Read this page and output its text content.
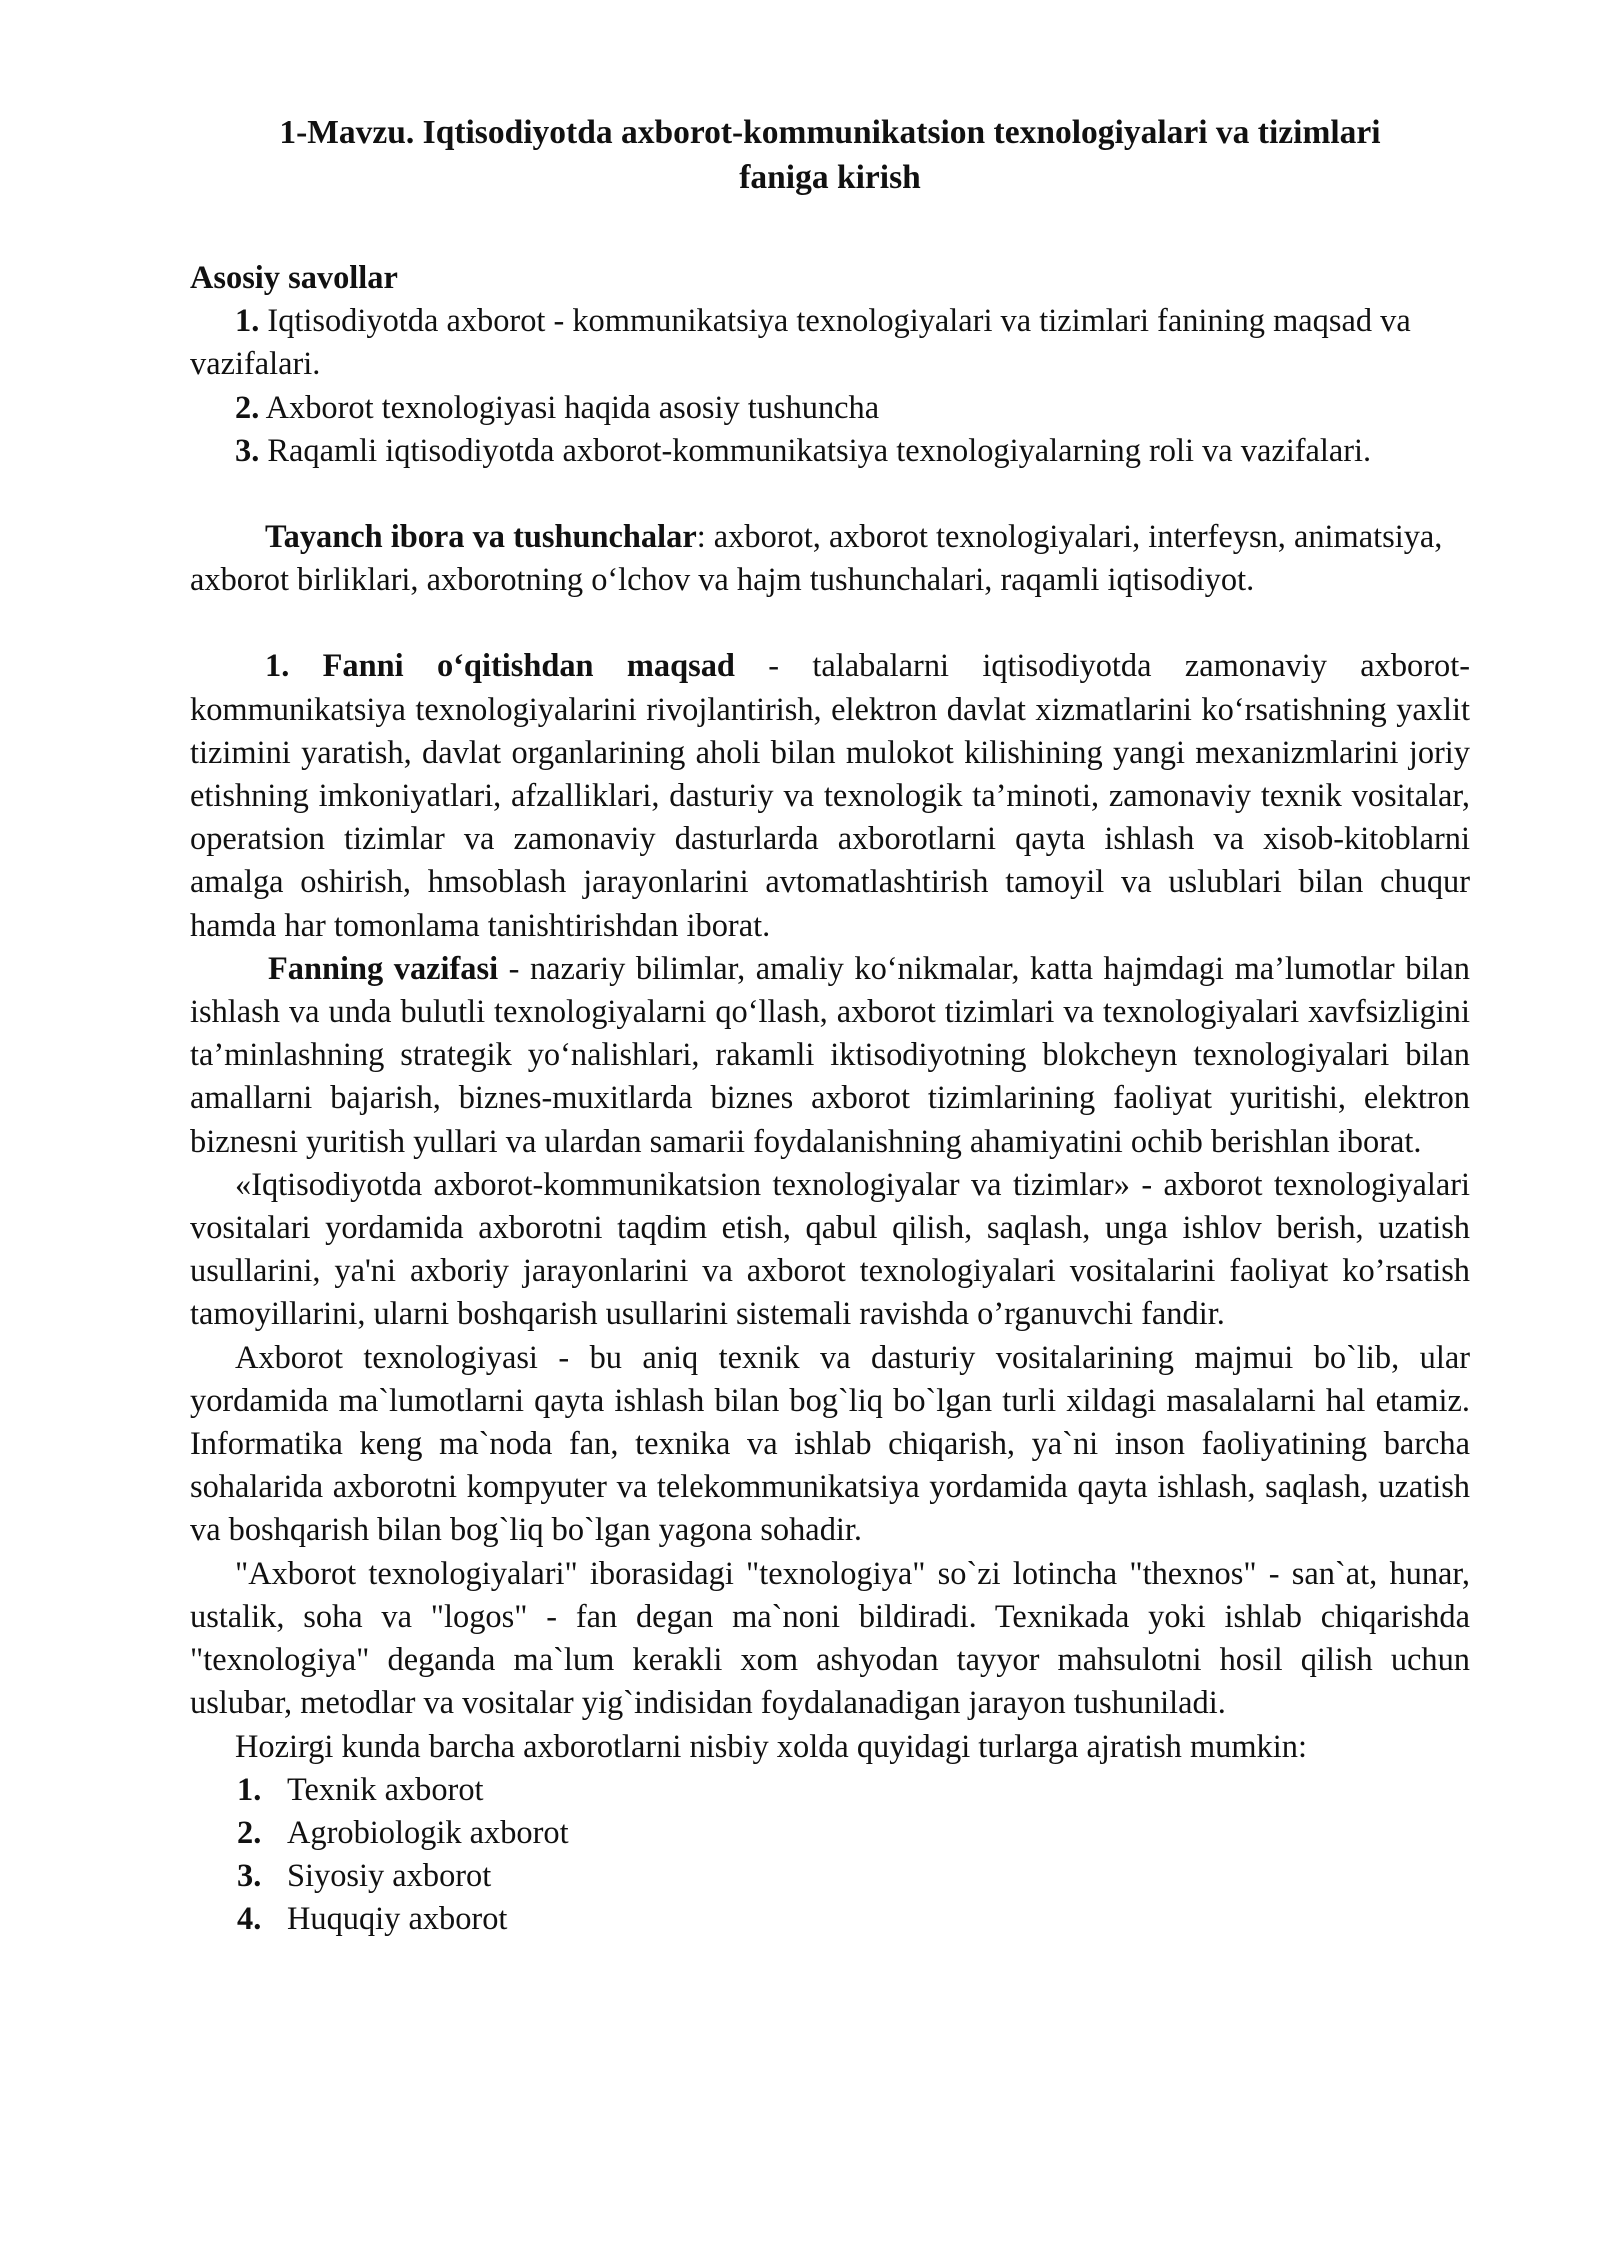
1-Mavzu. Iqtisodiyotda axborot-kommunikatsion texnologiyalari va tizimlari
faniga kirish

Asosiy savollar

1. Iqtisodiyotda axborot - kommunikatsiya texnologiyalari va tizimlari fanining maqsad va vazifalari.

2. Axborot texnologiyasi haqida asosiy tushuncha

3. Raqamli iqtisodiyotda axborot-kommunikatsiya texnologiyalarning roli va vazifalari.

Tayanch ibora va tushunchalar: axborot, axborot texnologiyalari, interfeysn, animatsiya, axborot birliklari, axborotning o‘lchov va hajm tushunchalari, raqamli iqtisodiyot.

1. Fanni o‘qitishdan maqsad - talabalarni iqtisodiyotda zamonaviy axborot-kommunikatsiya texnologiyalarini rivojlantirish, elektron davlat xizmatlarini ko‘rsatishning yaxlit tizimini yaratish, davlat organlarining aholi bilan mulokot kilishining yangi mexanizmlarini joriy etishning imkoniyatlari, afzalliklari, dasturiy va texnologik ta’minoti, zamonaviy texnik vositalar, operatsion tizimlar va zamonaviy dasturlarda axborotlarni qayta ishlash va xisob-kitoblarni amalga oshirish, hmsoblash jarayonlarini avtomatlashtirish tamoyil va uslublari bilan chuqur hamda har tomonlama tanishtirishdan iborat.

Fanning vazifasi - nazariy bilimlar, amaliy ko‘nikmalar, katta hajmdagi ma’lumotlar bilan ishlash va unda bulutli texnologiyalarni qo‘llash, axborot tizimlari va texnologiyalari xavfsizligini ta’minlashning strategik yo‘nalishlari, rakamli iktisodiyotning blokcheyn texnologiyalari bilan amallarni bajarish, biznes-muxitlarda biznes axborot tizimlarining faoliyat yuritishi, elektron biznesni yuritish yullari va ulardan samarii foydalanishning ahamiyatini ochib berishlan iborat.

«Iqtisodiyotda axborot-kommunikatsion texnologiyalar va tizimlar» - axborot texnologiyalari vositalari yordamida axborotni taqdim etish, qabul qilish, saqlash, unga ishlov berish, uzatish usullarini, ya'ni axboriy jarayonlarini va axborot texnologiyalari vositalarini faoliyat ko’rsatish tamoyillarini, ularni boshqarish usullarini sistemali ravishda o’rganuvchi fandir.

Axborot texnologiyasi - bu aniq texnik va dasturiy vositalarining majmui bo`lib, ular yordamida ma`lumotlarni qayta ishlash bilan bog`liq bo`lgan turli xildagi masalalarni hal etamiz. Informatika keng ma`noda fan, texnika va ishlab chiqarish, ya`ni inson faoliyatining barcha sohalarida axborotni kompyuter va telekommunikatsiya yordamida qayta ishlash, saqlash, uzatish va boshqarish bilan bog`liq bo`lgan yagona sohadir.

"Axborot texnologiyalari" iborasidagi "texnologiya" so`zi lotincha "thexnos" - san`at, hunar, ustalik, soha va "logos" - fan degan ma`noni bildiradi. Texnikada yoki ishlab chiqarishda "texnologiya" deganda ma`lum kerakli xom ashyodan tayyor mahsulotni hosil qilish uchun uslubar, metodlar va vositalar yig`indisidan foydalanadigan jarayon tushuniladi.

Hozirgi kunda barcha axborotlarni nisbiy xolda quyidagi turlarga ajratish mumkin:

1. Texnik axborot
2. Agrobiologik axborot
3. Siyosiy axborot
4. Huquqiy axborot
